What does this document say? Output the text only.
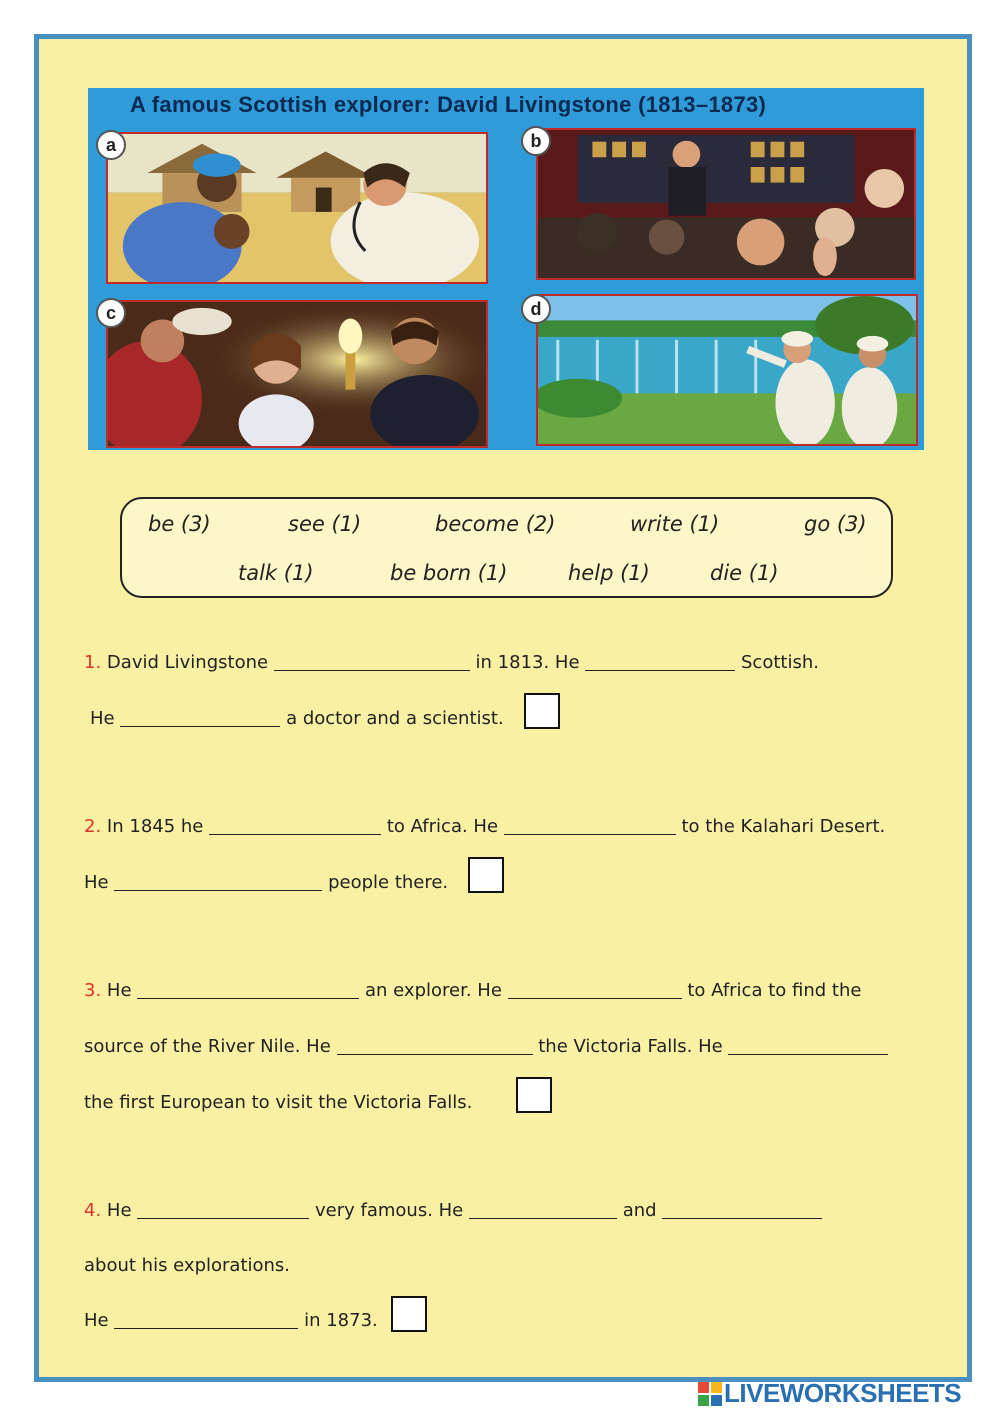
A famous Scottish explorer: David Livingstone (1813–1873)
a	b
c	d
be (3)	see (1)	become (2)	write (1)	go (3)
talk (1)	be born (1)	help (1)	die (1)
1. David Livingstone	in 1813. He	Scottish.
He	a doctor and a scientist.
2. In 1845 he	to Africa. He	to the Kalahari Desert.
He	people there.
3. He	an explorer. He	to Africa to find the
source of the River Nile. He	the Victoria Falls. He
the first European to visit the Victoria Falls.
4. He	very famous. He	and
about his explorations.
He	in 1873.
LIVEWORKSHEETS
